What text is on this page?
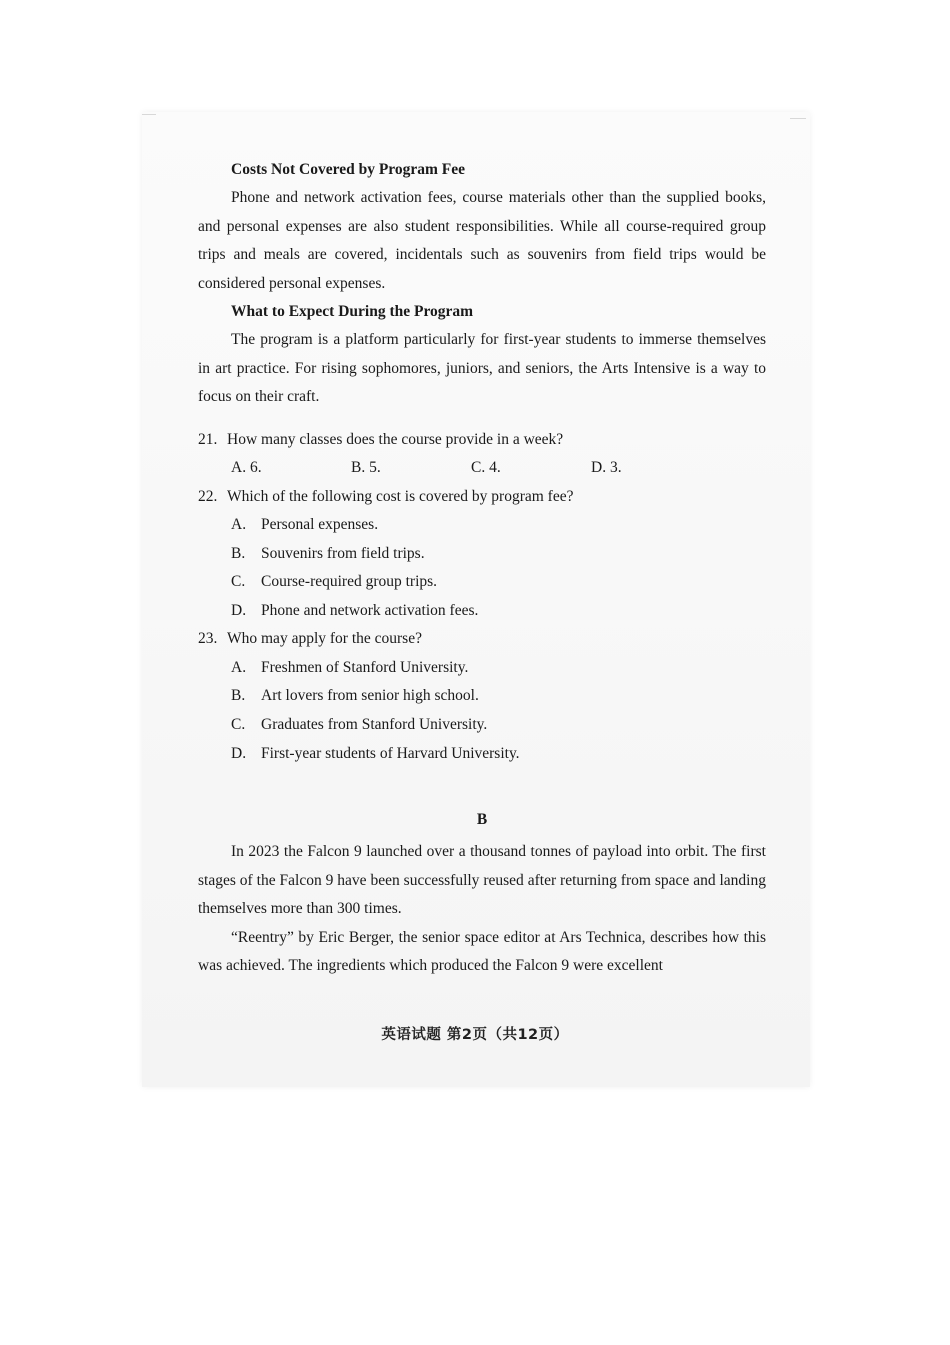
Costs Not Covered by Program Fee

Phone and network activation fees, course materials other than the supplied books, and personal expenses are also student responsibilities. While all course-required group trips and meals are covered, incidentals such as souvenirs from field trips would be considered personal expenses.

What to Expect During the Program

The program is a platform particularly for first-year students to immerse themselves in art practice. For rising sophomores, juniors, and seniors, the Arts Intensive is a way to focus on their craft.

21. How many classes does the course provide in a week?

A. 6.	B. 5.	C. 4.	D. 3.

22. Which of the following cost is covered by program fee?

A. Personal expenses.
B. Souvenirs from field trips.
C. Course-required group trips.
D. Phone and network activation fees.

23. Who may apply for the course?

A. Freshmen of Stanford University.
B. Art lovers from senior high school.
C. Graduates from Stanford University.
D. First-year students of Harvard University.

B

In 2023 the Falcon 9 launched over a thousand tonnes of payload into orbit. The first stages of the Falcon 9 have been successfully reused after returning from space and landing themselves more than 300 times.

“Reentry” by Eric Berger, the senior space editor at Ars Technica, describes how this was achieved. The ingredients which produced the Falcon 9 were excellent

英语试题 第2页（共12页）
